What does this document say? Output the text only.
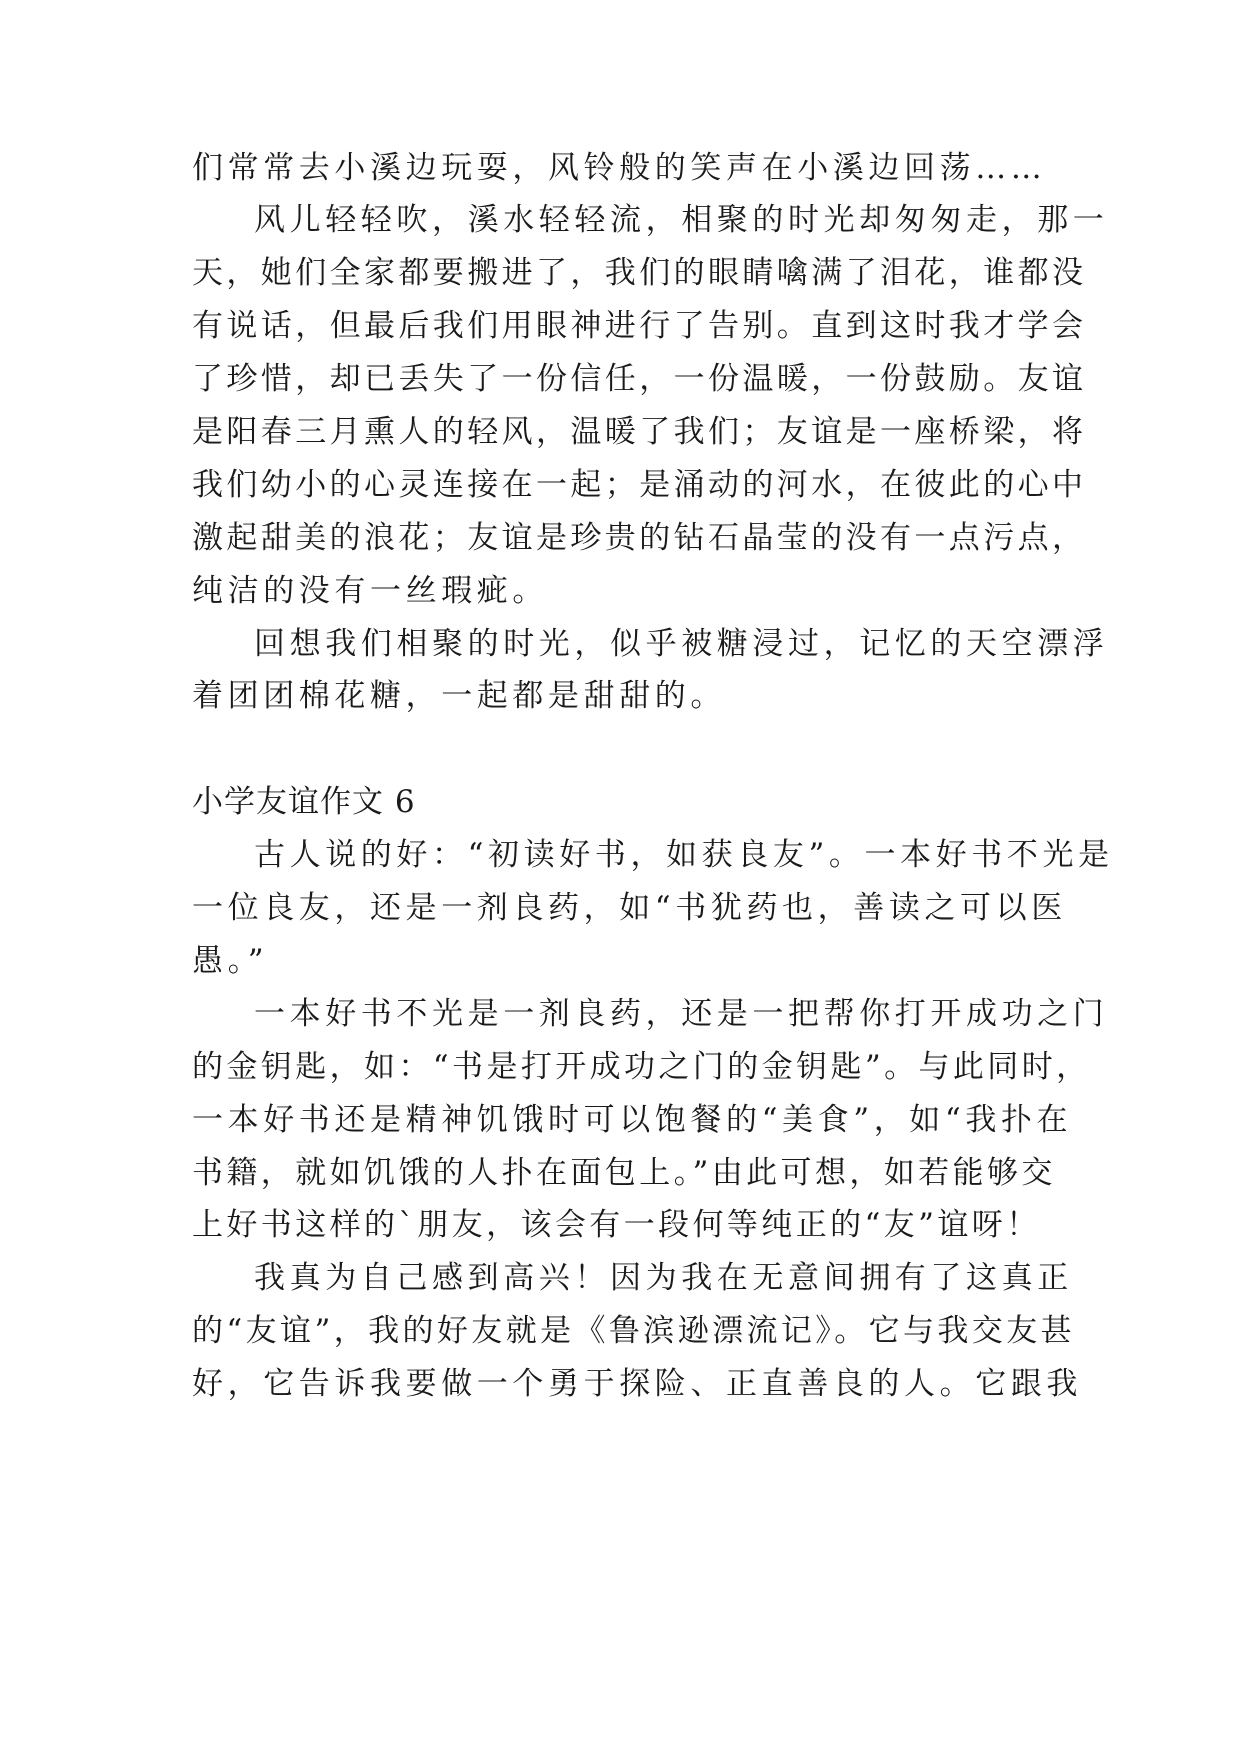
们常常去小溪边玩耍，风铃般的笑声在小溪边回荡……
风儿轻轻吹，溪水轻轻流，相聚的时光却匆匆走，那一
天，她们全家都要搬进了，我们的眼睛噙满了泪花，谁都没
有说话，但最后我们用眼神进行了告别。直到这时我才学会
了珍惜，却已丢失了一份信任，一份温暖，一份鼓励。友谊
是阳春三月熏人的轻风，温暖了我们；友谊是一座桥梁，将
我们幼小的心灵连接在一起；是涌动的河水，在彼此的心中
激起甜美的浪花；友谊是珍贵的钻石晶莹的没有一点污点，
纯洁的没有一丝瑕疵。
回想我们相聚的时光，似乎被糖浸过，记忆的天空漂浮
着团团棉花糖，一起都是甜甜的。
小学友谊作文 6
古人说的好：“初读好书，如获良友”。一本好书不光是
一位良友，还是一剂良药，如“书犹药也，善读之可以医
愚。”
一本好书不光是一剂良药，还是一把帮你打开成功之门
的金钥匙，如：“书是打开成功之门的金钥匙”。与此同时，
一本好书还是精神饥饿时可以饱餐的“美食”，如“我扑在
书籍，就如饥饿的人扑在面包上。”由此可想，如若能够交
上好书这样的`朋友，该会有一段何等纯正的“友”谊呀！
我真为自己感到高兴！因为我在无意间拥有了这真正
的“友谊”，我的好友就是《鲁滨逊漂流记》。它与我交友甚
好，它告诉我要做一个勇于探险、正直善良的人。它跟我
